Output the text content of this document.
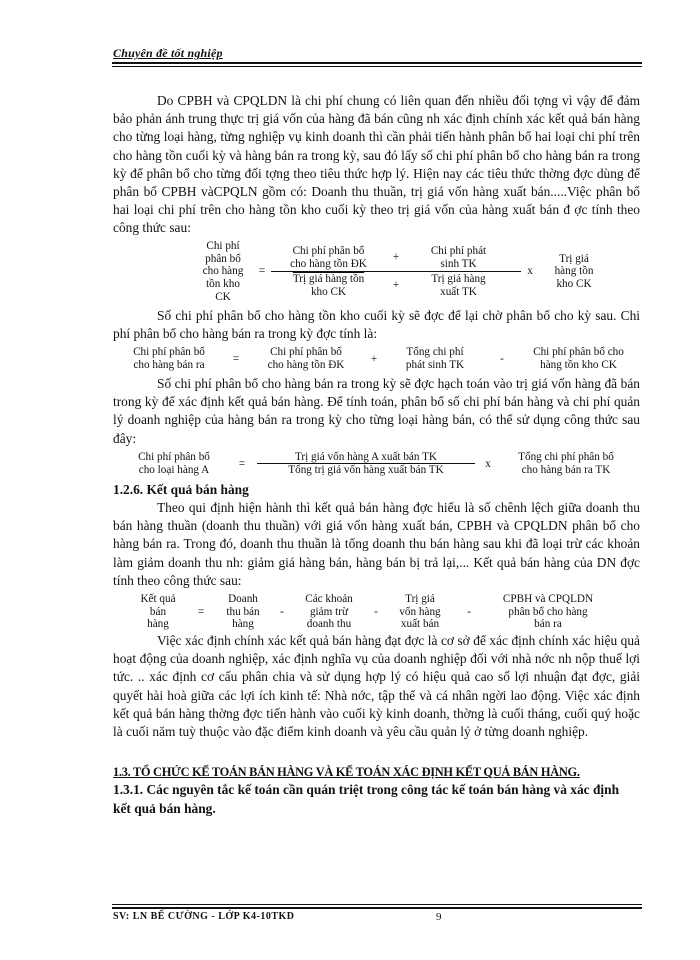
Chuyên đề tốt nghiệp

Do CPBH và CPQLDN là chi phí chung có liên quan đến nhiều đối tợng vì vậy để đảm bảo phản ánh trung thực trị giá vốn của hàng đã bán cũng nh xác định chính xác kết quả bán hàng cho từng loại hàng, từng nghiệp vụ kinh doanh thì cần phải tiến hành phân bổ hai loại chi phí trên cho hàng tồn cuối kỳ và hàng bán ra trong kỳ, sau đó lấy số chi phí phân bổ cho hàng bán ra trong kỳ để phân bổ cho từng đối tợng theo tiêu thức hợp lý. Hiện nay các tiêu thức thờng đợc dùng để phân bổ CPBH vàCPQLN gồm có: Doanh thu thuần, trị giá vốn hàng xuất bán.....Việc phân bổ hai loại chi phí trên cho hàng tồn kho cuối kỳ theo trị giá vốn của hàng xuất bán đ ợc tính theo công thức sau:

Chi phí
phân bổ
cho hàng
tồn kho
CK
=
Chi phí phân bổ
cho hàng tồn ĐK
+
Chi phí phát
sinh TK
Trị giá hàng tồn
kho CK
+
Trị giá hàng
xuất TK
x
Trị giá
hàng tồn
kho CK

Số chi phí phân bổ cho hàng tồn kho cuối kỳ sẽ đợc để lại chờ phân bổ cho kỳ sau. Chi phí phân bổ cho hàng bán ra trong kỳ đợc tính là:

Chi phí phân bổ
cho hàng bán ra
=
Chi phí phân bổ
cho hàng tồn ĐK
+
Tổng chi phí
phát sinh TK
-
Chi phí phân bổ cho
hàng tồn kho CK

Số chi phí phân bổ cho hàng bán ra trong kỳ sẽ đợc hạch toán vào trị giá vốn hàng đã bán trong kỳ để xác định kết quả bán hàng. Để tính toán, phân bổ số chi phí bán hàng và chi phí quản lý doanh nghiệp của hàng bán ra trong kỳ cho từng loại hàng bán, có thể sử dụng công thức sau đây:

Chi phí phân bổ
cho loại hàng A
=
Trị giá vốn hàng A xuất bán TK
Tổng trị giá vốn hàng xuất bán TK
x
Tổng chi phí phân bổ
cho hàng bán ra TK
1.2.6. Kết quả bán hàng

Theo qui định hiện hành thì kết quả bán hàng đợc hiểu là số chênh lệch giữa doanh thu bán hàng thuần (doanh thu thuần) với giá vốn hàng xuất bán, CPBH và CPQLDN phân bổ cho hàng bán ra. Trong đó, doanh thu thuần là tổng doanh thu bán hàng sau khi đã loại trừ các khoản làm giảm doanh thu nh: giảm giá hàng bán, hàng bán bị trả lại,... Kết quả bán hàng của DN đợc tính theo công thức sau:

Kết quả
bán
hàng
=
Doanh
thu bán
hàng
-
Các khoản
giảm trừ
doanh thu
-
Trị giá
vốn hàng
xuất bán
-
CPBH và CPQLDN
phân bổ cho hàng
bán ra

Việc xác định chính xác kết quả bán hàng đạt đợc là cơ sở để xác định chính xác hiệu quả hoạt động của doanh nghiệp, xác định nghĩa vụ của doanh nghiệp đối với nhà nớc nh nộp thuế lợi tức. .. xác định cơ cấu phân chia và sử dụng hợp lý có hiệu quả cao số lợi nhuận đạt đợc, giải quyết hài hoà giữa các lợi ích kinh tế: Nhà nớc, tập thể và cá nhân ngời lao động. Việc xác định kết quả bán hàng thờng đợc tiến hành vào cuối kỳ kinh doanh, thờng là cuối tháng, cuối quý hoặc là cuối năm tuỳ thuộc vào đặc điểm kinh doanh và yêu cầu quản lý ở từng doanh nghiệp.

1.3. TỔ CHỨC KẾ TOÁN BÁN HÀNG VÀ KẾ TOÁN XÁC ĐỊNH KẾT QUẢ BÁN HÀNG.
1.3.1. Các nguyên tắc kế toán cần quán triệt trong công tác kế toán bán hàng và xác định kết quả bán hàng.
SV: LN BẾ CƯỜNG - LỚP K4-10TKD	9
